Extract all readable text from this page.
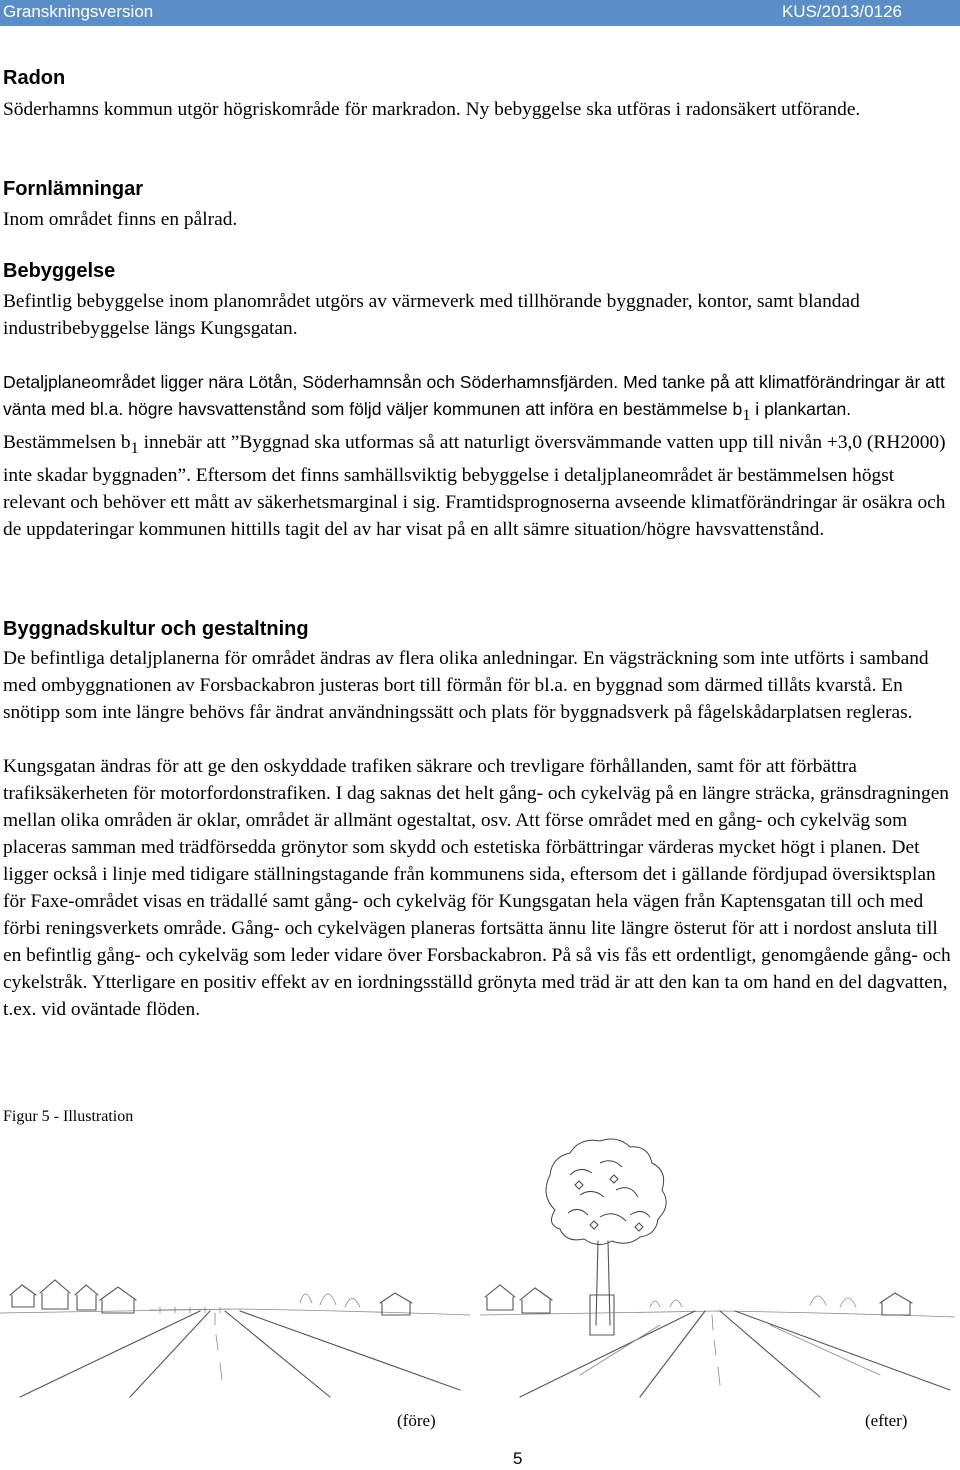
Granskningsversion	KUS/2013/0126
Radon

Söderhamns kommun utgör högriskområde för markradon. Ny bebyggelse ska utföras i radonsäkert utförande.

Fornlämningar

Inom området finns en pålrad.

Bebyggelse

Befintlig bebyggelse inom planområdet utgörs av värmeverk med tillhörande byggnader, kontor, samt blandad industribebyggelse längs Kungsgatan.

Detaljplaneområdet ligger nära Lötån, Söderhamnsån och Söderhamnsfjärden. Med tanke på att klimatförändringar är att vänta med bl.a. högre havsvattenstånd som följd väljer kommunen att införa en bestämmelse $b_1$ i plankartan. Bestämmelsen $b_1$ innebär att ”Byggnad ska utformas så att naturligt översvämmande vatten upp till nivån +3,0 (RH2000) inte skadar byggnaden”. Eftersom det finns samhällsviktig bebyggelse i detaljplaneområdet är bestämmelsen högst relevant och behöver ett mått av säkerhetsmarginal i sig. Framtidsprognoserna avseende klimatförändringar är osäkra och de uppdateringar kommunen hittills tagit del av har visat på en allt sämre situation/högre havsvattenstånd.

Byggnadskultur och gestaltning

De befintliga detaljplanerna för området ändras av flera olika anledningar. En vägsträckning som inte utförts i samband med ombyggnationen av Forsbackabron justeras bort till förmån för bl.a. en byggnad som därmed tillåts kvarstå. En snötipp som inte längre behövs får ändrat användningssätt och plats för byggnadsverk på fågelskådarplatsen regleras.

Kungsgatan ändras för att ge den oskyddade trafiken säkrare och trevligare förhållanden, samt för att förbättra trafiksäkerheten för motorfordonstrafiken. I dag saknas det helt gång- och cykelväg på en längre sträcka, gränsdragningen mellan olika områden är oklar, området är allmänt ogestaltat, osv. Att förse området med en gång- och cykelväg som placeras samman med trädförsedda grönytor som skydd och estetiska förbättringar värderas mycket högt i planen. Det ligger också i linje med tidigare ställningstagande från kommunens sida, eftersom det i gällande fördjupad översiktsplan för Faxe-området visas en trädallé samt gång- och cykelväg för Kungsgatan hela vägen från Kaptensgatan till och med förbi reningsverkets område. Gång- och cykelvägen planeras fortsätta ännu lite längre österut för att i nordost ansluta till en befintlig gång- och cykelväg som leder vidare över Forsbackabron. På så vis fås ett ordentligt, genomgående gång- och cykelstråk. Ytterligare en positiv effekt av en iordningsställd grönyta med träd är att den kan ta om hand en del dagvatten, t.ex. vid oväntade flöden.

Figur 5 - Illustration
(före)	(efter)
5
